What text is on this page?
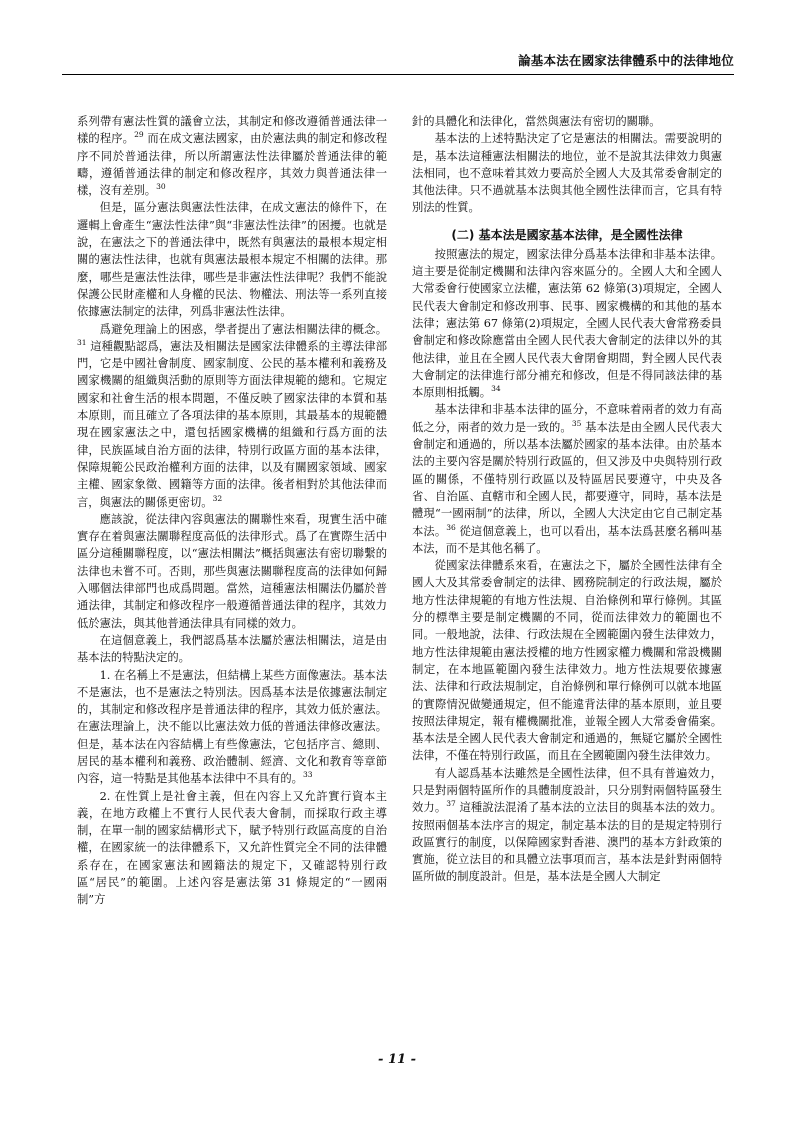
論基本法在國家法律體系中的法律地位

系列帶有憲法性質的議會立法，其制定和修改遵循普通法律一樣的程序。$^{29}$ 而在成文憲法國家，由於憲法典的制定和修改程序不同於普通法律，所以所謂憲法性法律屬於普通法律的範疇，遵循普通法律的制定和修改程序，其效力與普通法律一樣，沒有差別。$^{30}$

但是，區分憲法與憲法性法律，在成文憲法的條件下，在邏輯上會產生“憲法性法律”與“非憲法性法律”的困擾。也就是說，在憲法之下的普通法律中，既然有與憲法的最根本規定相關的憲法性法律，也就有與憲法最根本規定不相關的法律。那麼，哪些是憲法性法律，哪些是非憲法性法律呢？我們不能說保護公民財產權和人身權的民法、物權法、刑法等一系列直接依據憲法制定的法律，列爲非憲法性法律。

爲避免理論上的困惑，學者提出了憲法相關法律的概念。$^{31}$ 這種觀點認爲，憲法及相關法是國家法律體系的主導法律部門，它是中國社會制度、國家制度、公民的基本權利和義務及國家機關的組織與活動的原則等方面法律規範的總和。它規定國家和社會生活的根本問題，不僅反映了國家法律的本質和基本原則，而且確立了各項法律的基本原則，其最基本的規範體現在國家憲法之中，還包括國家機構的組織和行爲方面的法律，民族區域自治方面的法律，特別行政區方面的基本法律，保障規範公民政治權利方面的法律，以及有關國家領域、國家主權、國家象徵、國籍等方面的法律。後者相對於其他法律而言，與憲法的關係更密切。$^{32}$

應該說，從法律內容與憲法的關聯性來看，現實生活中確實存在着與憲法關聯程度高低的法律形式。爲了在實際生活中區分這種關聯程度，以“憲法相關法”概括與憲法有密切聯繫的法律也未嘗不可。否則，那些與憲法關聯程度高的法律如何歸入哪個法律部門也成爲問題。當然，這種憲法相關法仍屬於普通法律，其制定和修改程序一般遵循普通法律的程序，其效力低於憲法，與其他普通法律具有同樣的效力。

在這個意義上，我們認爲基本法屬於憲法相關法，這是由基本法的特點決定的。

1. 在名稱上不是憲法，但結構上某些方面像憲法。基本法不是憲法，也不是憲法之特別法。因爲基本法是依據憲法制定的，其制定和修改程序是普通法律的程序，其效力低於憲法。在憲法理論上，決不能以比憲法效力低的普通法律修改憲法。但是，基本法在內容結構上有些像憲法，它包括序言、總則、居民的基本權利和義務、政治體制、經濟、文化和教育等章節內容，這一特點是其他基本法律中不具有的。$^{33}$

2. 在性質上是社會主義，但在內容上又允許實行資本主義，在地方政權上不實行人民代表大會制，而採取行政主導制，在單一制的國家結構形式下，賦予特別行政區高度的自治權，在國家統一的法律體系下，又允許性質完全不同的法律體系存在，在國家憲法和國籍法的規定下，又確認特別行政區“居民”的範圍。上述內容是憲法第 31 條規定的“一國兩制”方

針的具體化和法律化，當然與憲法有密切的關聯。

基本法的上述特點決定了它是憲法的相關法。需要說明的是，基本法這種憲法相關法的地位，並不是說其法律效力與憲法相同，也不意味着其效力要高於全國人大及其常委會制定的其他法律。只不過就基本法與其他全國性法律而言，它具有特別法的性質。

(二) 基本法是國家基本法律，是全國性法律

按照憲法的規定，國家法律分爲基本法律和非基本法律。這主要是從制定機關和法律內容來區分的。全國人大和全國人大常委會行使國家立法權，憲法第 62 條第(3)項規定，全國人民代表大會制定和修改刑事、民事、國家機構的和其他的基本法律；憲法第 67 條第(2)項規定，全國人民代表大會常務委員會制定和修改除應當由全國人民代表大會制定的法律以外的其他法律，並且在全國人民代表大會閉會期間，對全國人民代表大會制定的法律進行部分補充和修改，但是不得同該法律的基本原則相抵觸。$^{34}$

基本法律和非基本法律的區分，不意味着兩者的效力有高低之分，兩者的效力是一致的。$^{35}$ 基本法是由全國人民代表大會制定和通過的，所以基本法屬於國家的基本法律。由於基本法的主要內容是關於特別行政區的，但又涉及中央與特別行政區的關係，不僅特別行政區以及特區居民要遵守，中央及各省、自治區、直轄市和全國人民，都要遵守，同時，基本法是體現“一國兩制”的法律，所以，全國人大決定由它自己制定基本法。$^{36}$ 從這個意義上，也可以看出，基本法爲甚麼名稱叫基本法，而不是其他名稱了。

從國家法律體系來看，在憲法之下，屬於全國性法律有全國人大及其常委會制定的法律、國務院制定的行政法規，屬於地方性法律規範的有地方性法規、自治條例和單行條例。其區分的標準主要是制定機關的不同，從而法律效力的範圍也不同。一般地說，法律、行政法規在全國範圍內發生法律效力，地方性法律規範由憲法授權的地方性國家權力機關和常設機關制定，在本地區範圍內發生法律效力。地方性法規要依據憲法、法律和行政法規制定，自治條例和單行條例可以就本地區的實際情況做變通規定，但不能違背法律的基本原則，並且要按照法律規定，報有權機關批准，並報全國人大常委會備案。基本法是全國人民代表大會制定和通過的，無疑它屬於全國性法律，不僅在特別行政區，而且在全國範圍內發生法律效力。

有人認爲基本法雖然是全國性法律，但不具有普遍效力，只是對兩個特區所作的具體制度設計，只分別對兩個特區發生效力。$^{37}$ 這種說法混淆了基本法的立法目的與基本法的效力。按照兩個基本法序言的規定，制定基本法的目的是規定特別行政區實行的制度，以保障國家對香港、澳門的基本方針政策的實施，從立法目的和具體立法事項而言，基本法是針對兩個特區所做的制度設計。但是，基本法是全國人大制定

- 11 -
